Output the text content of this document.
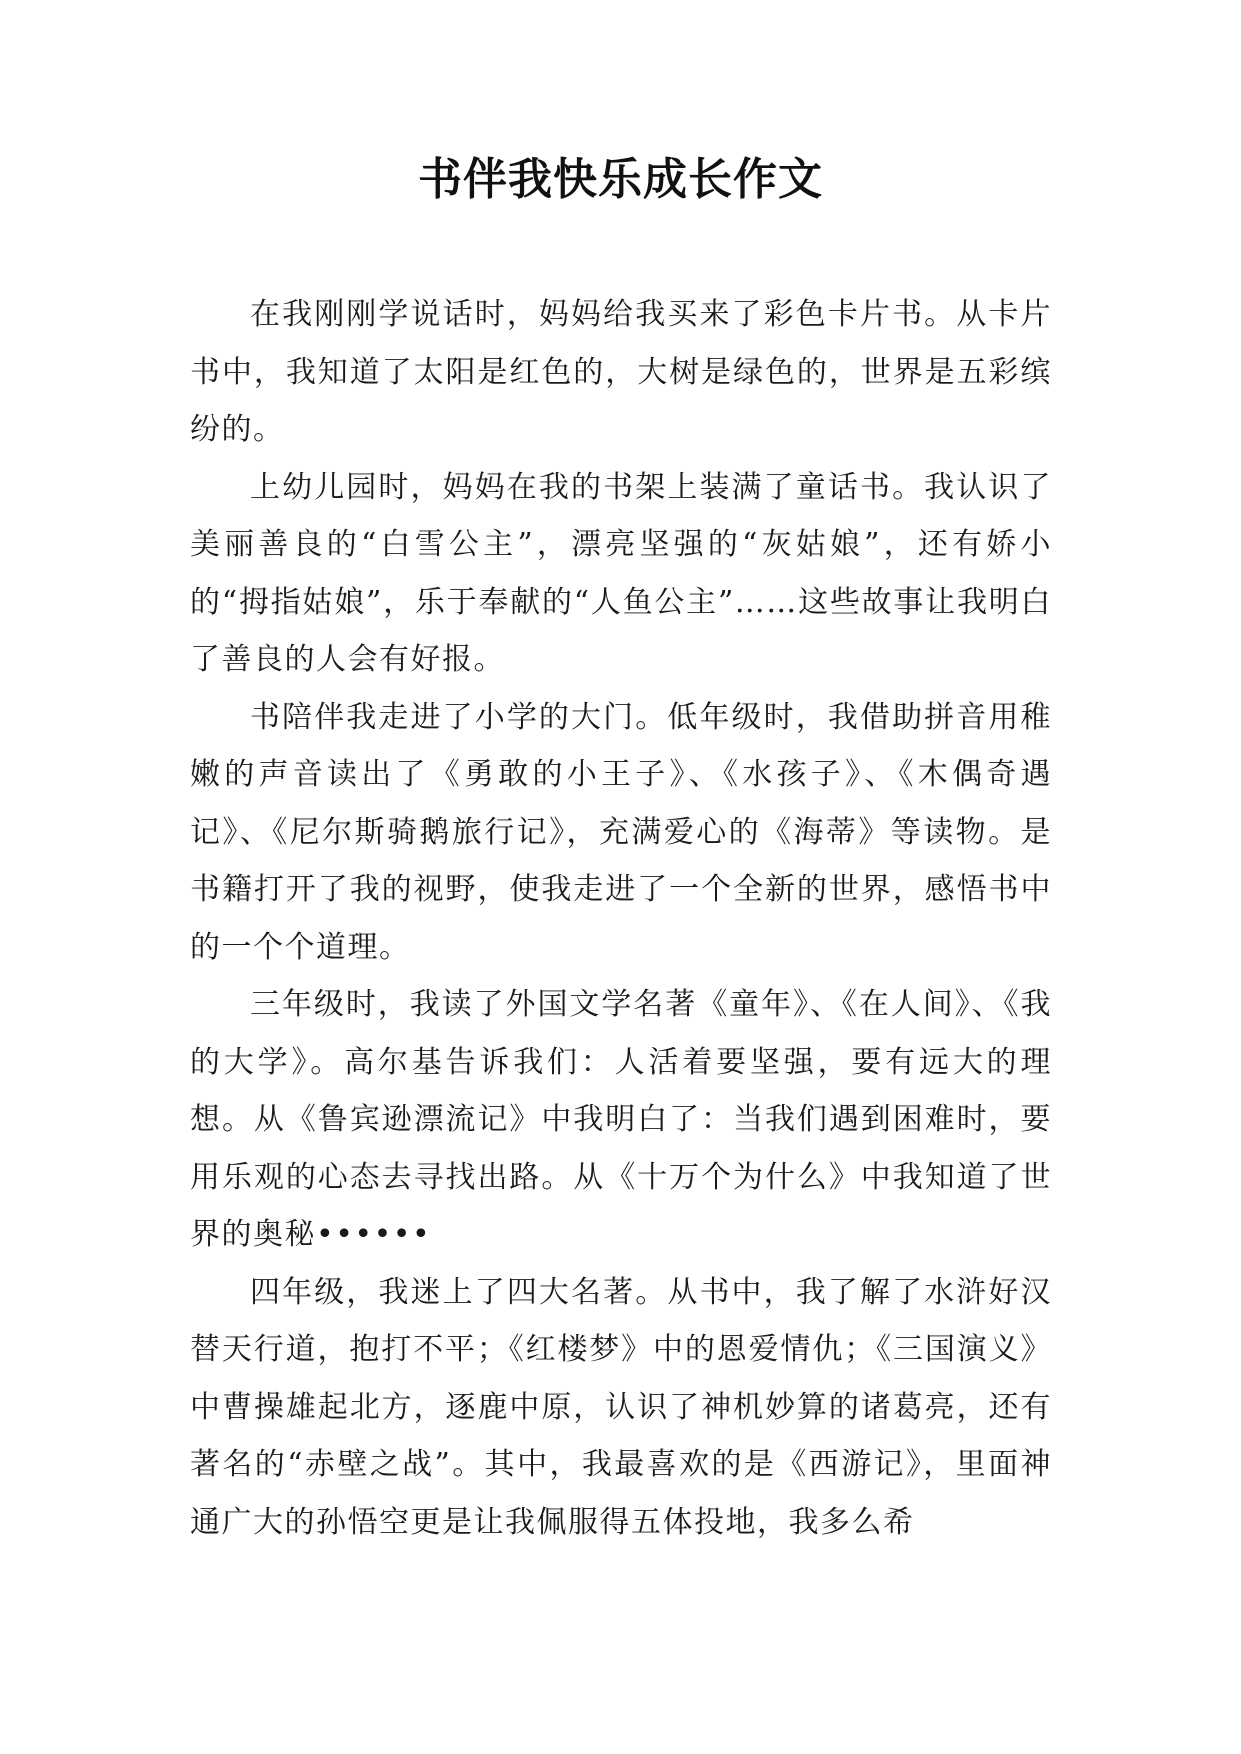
书伴我快乐成长作文

在我刚刚学说话时，妈妈给我买来了彩色卡片书。从卡片书中，我知道了太阳是红色的，大树是绿色的，世界是五彩缤纷的。

上幼儿园时，妈妈在我的书架上装满了童话书。我认识了美丽善良的“白雪公主”，漂亮坚强的“灰姑娘”，还有娇小的“拇指姑娘”，乐于奉献的“人鱼公主”……这些故事让我明白了善良的人会有好报。

书陪伴我走进了小学的大门。低年级时，我借助拼音用稚嫩的声音读出了《勇敢的小王子》、《水孩子》、《木偶奇遇记》、《尼尔斯骑鹅旅行记》，充满爱心的《海蒂》等读物。是书籍打开了我的视野，使我走进了一个全新的世界，感悟书中的一个个道理。

三年级时，我读了外国文学名著《童年》、《在人间》、《我的大学》。高尔基告诉我们：人活着要坚强，要有远大的理想。从《鲁宾逊漂流记》中我明白了：当我们遇到困难时，要用乐观的心态去寻找出路。从《十万个为什么》中我知道了世界的奥秘••••••

四年级，我迷上了四大名著。从书中，我了解了水浒好汉替天行道，抱打不平；《红楼梦》中的恩爱情仇；《三国演义》中曹操雄起北方，逐鹿中原，认识了神机妙算的诸葛亮，还有著名的“赤壁之战”。其中，我最喜欢的是《西游记》，里面神通广大的孙悟空更是让我佩服得五体投地，我多么希
